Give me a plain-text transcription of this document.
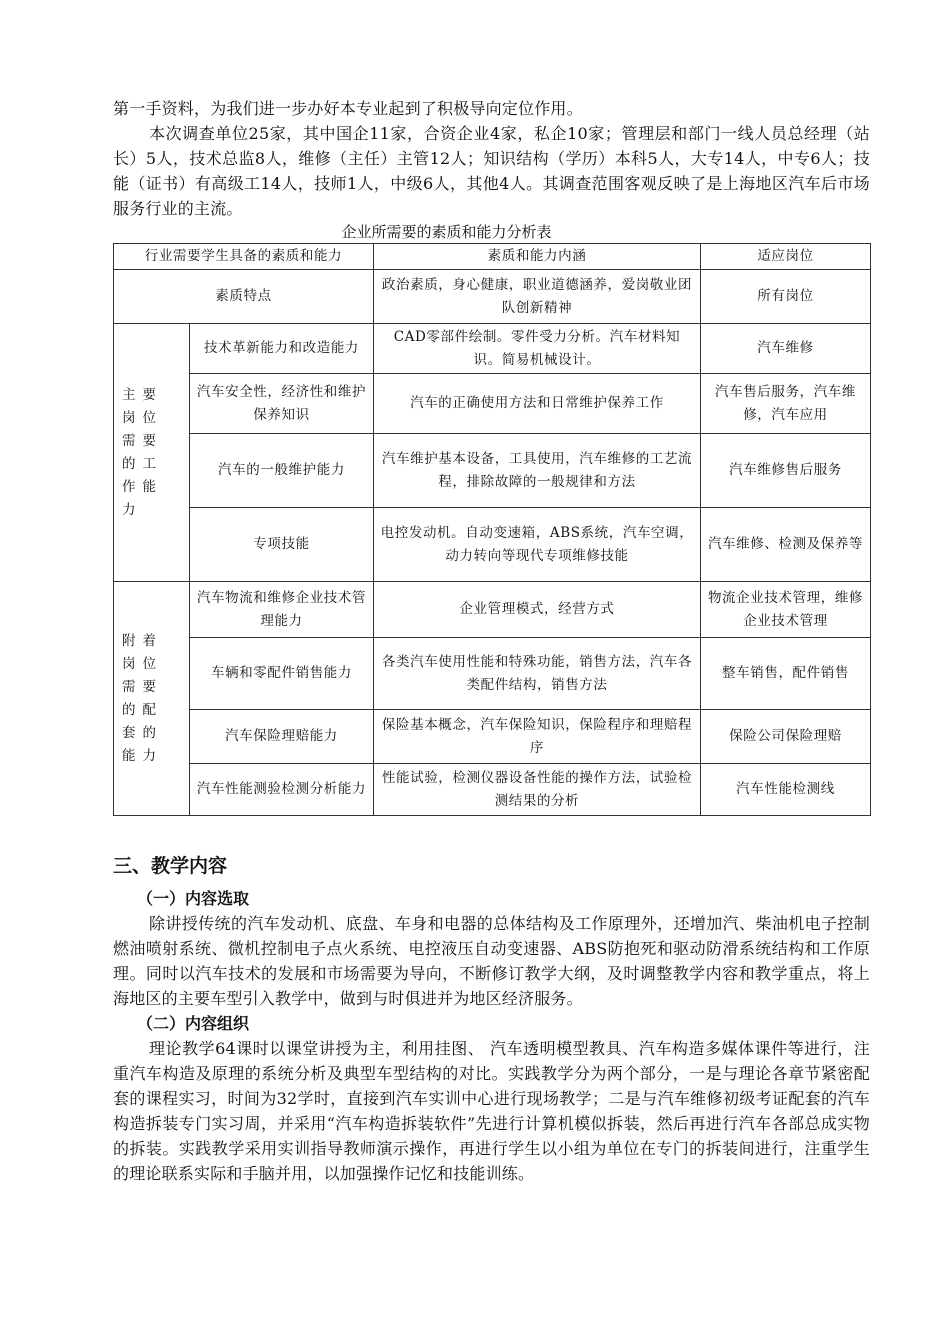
第一手资料，为我们进一步办好本专业起到了积极导向定位作用。

本次调查单位25家，其中国企11家，合资企业4家，私企10家；管理层和部门一线人员总经理（站长）5人，技术总监8人，维修（主任）主管12人；知识结构（学历）本科5人，大专14人，中专6人；技能（证书）有高级工14人，技师1人，中级6人，其他4人。其调查范围客观反映了是上海地区汽车后市场服务行业的主流。

企业所需要的素质和能力分析表

行业需要学生具备的素质和能力		素质和能力内涵	适应岗位
素质特点		政治素质，身心健康，职业道德涵养，爱岗敬业团队创新精神	所有岗位
主要岗位需要的工作能力	技术革新能力和改造能力	CAD零部件绘制。零件受力分析。汽车材料知识。简易机械设计。	汽车维修
	汽车安全性，经济性和维护保养知识	汽车的正确使用方法和日常维护保养工作	汽车售后服务，汽车维修，汽车应用
	汽车的一般维护能力	汽车维护基本设备，工具使用，汽车维修的工艺流程，排除故障的一般规律和方法	汽车维修售后服务
	专项技能	电控发动机。自动变速箱，ABS系统，汽车空调，动力转向等现代专项维修技能	汽车维修、检测及保养等
附着岗位需要的配套的能力	汽车物流和维修企业技术管理能力	企业管理模式，经营方式	物流企业技术管理，维修企业技术管理
	车辆和零配件销售能力	各类汽车使用性能和特殊功能，销售方法，汽车各类配件结构，销售方法	整车销售，配件销售
	汽车保险理赔能力	保险基本概念，汽车保险知识，保险程序和理赔程序	保险公司保险理赔
	汽车性能测验检测分析能力	性能试验，检测仪器设备性能的操作方法，试验检测结果的分析	汽车性能检测线
三、教学内容
（一）内容选取

除讲授传统的汽车发动机、底盘、车身和电器的总体结构及工作原理外，还增加汽、柴油机电子控制燃油喷射系统、微机控制电子点火系统、电控液压自动变速器、ABS防抱死和驱动防滑系统结构和工作原理。同时以汽车技术的发展和市场需要为导向，不断修订教学大纲，及时调整教学内容和教学重点，将上海地区的主要车型引入教学中，做到与时俱进并为地区经济服务。

（二）内容组织

理论教学64课时以课堂讲授为主，利用挂图、 汽车透明模型教具、汽车构造多媒体课件等进行，注重汽车构造及原理的系统分析及典型车型结构的对比。实践教学分为两个部分，一是与理论各章节紧密配套的课程实习，时间为32学时，直接到汽车实训中心进行现场教学；二是与汽车维修初级考证配套的汽车构造拆装专门实习周，并采用“汽车构造拆装软件”先进行计算机模似拆装，然后再进行汽车各部总成实物的拆装。实践教学采用实训指导教师演示操作，再进行学生以小组为单位在专门的拆装间进行，注重学生的理论联系实际和手脑并用，以加强操作记忆和技能训练。
